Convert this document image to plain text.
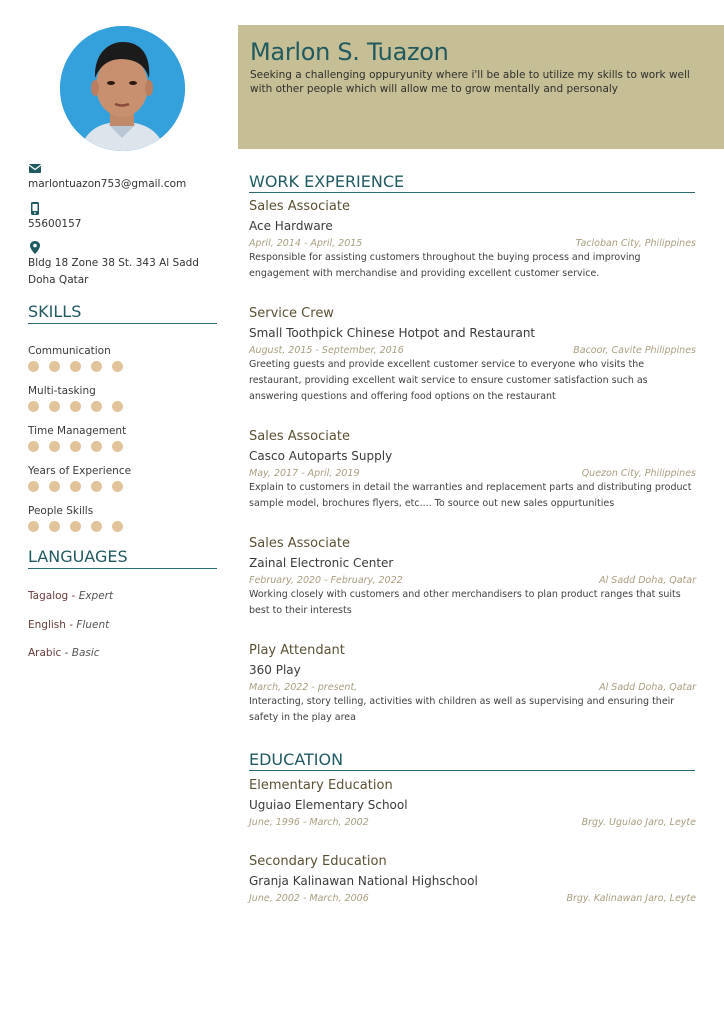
Marlon S. Tuazon
Seeking a challenging oppuryunity where i'll be able to utilize my skills to work well with other people which will allow me to grow mentally and personaly
marlontuazon753@gmail.com
55600157
Bldg 18 Zone 38 St. 343 Al Sadd
Doha Qatar
SKILLS
Communication
Multi-tasking
Time Management
Years of Experience
People Skills
LANGUAGES
Tagalog - Expert
English - Fluent
Arabic - Basic
WORK EXPERIENCE
Sales Associate
Ace Hardware
April, 2014 - April, 2015	Tacloban City, Philippines
Responsible for assisting customers throughout the buying process and improving engagement with merchandise and providing excellent customer service.
Service Crew
Small Toothpick Chinese Hotpot and Restaurant
August, 2015 - September, 2016	Bacoor, Cavite Philippines
Greeting guests and provide excellent customer service to everyone who visits the restaurant, providing excellent wait service to ensure customer satisfaction such as answering questions and offering food options on the restaurant
Sales Associate
Casco Autoparts Supply
May, 2017 - April, 2019	Quezon City, Philippines
Explain to customers in detail the warranties and replacement parts and distributing product sample model, brochures flyers, etc.... To source out new sales oppurtunities
Sales Associate
Zainal Electronic Center
February, 2020 - February, 2022	Al Sadd Doha, Qatar
Working closely with customers and other merchandisers to plan product ranges that suits best to their interests
Play Attendant
360 Play
March, 2022 - present,	Al Sadd Doha, Qatar
Interacting, story telling, activities with children as well as supervising and ensuring their safety in the play area
EDUCATION
Elementary Education
Uguiao Elementary School
June, 1996 - March, 2002	Brgy. Uguiao Jaro, Leyte
Secondary Education
Granja Kalinawan National Highschool
June, 2002 - March, 2006	Brgy. Kalinawan Jaro, Leyte
